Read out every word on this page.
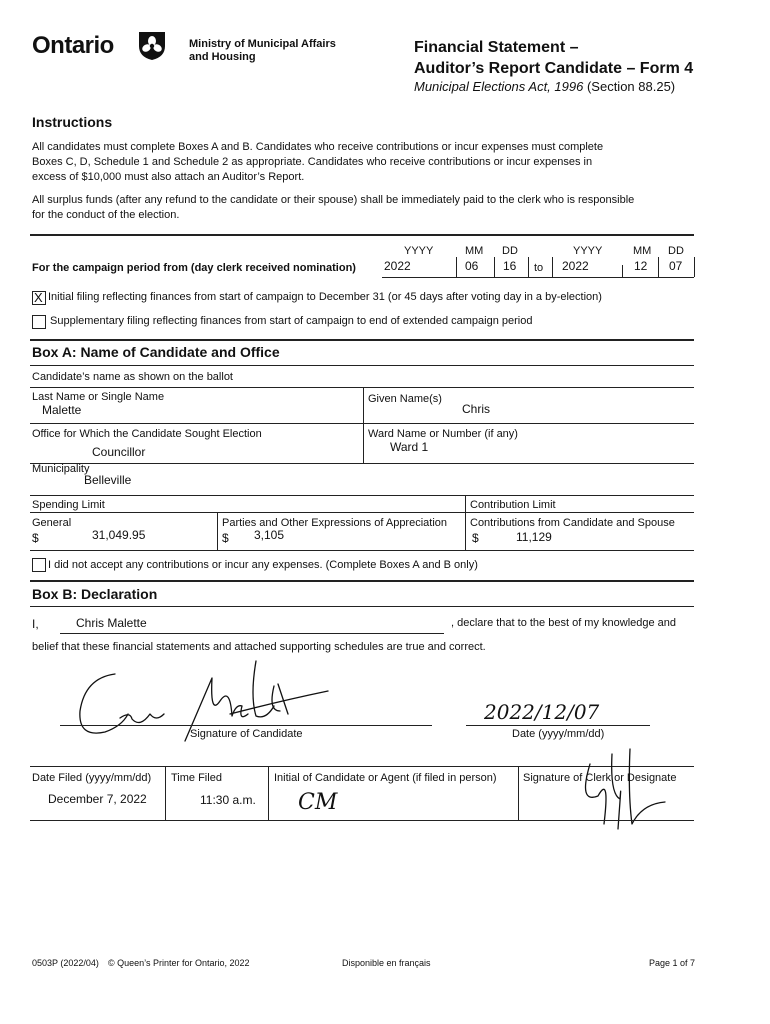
Ontario	Ministry of Municipal Affairs
and Housing
Financial Statement –
Auditor’s Report Candidate – Form 4
Municipal Elections Act, 1996 (Section 88.25)
Instructions
All candidates must complete Boxes A and B. Candidates who receive contributions or incur expenses must complete
Boxes C, D, Schedule 1 and Schedule 2 as appropriate. Candidates who receive contributions or incur expenses in
excess of $10,000 must also attach an Auditor’s Report.
All surplus funds (after any refund to the candidate or their spouse) shall be immediately paid to the clerk who is responsible
for the conduct of the election.
YYYY	MM DD	YYYY	MM DD
For the campaign period from (day clerk received nomination) 2022	06 16 to 2022	12 07
X Initial filing reflecting finances from start of campaign to December 31 (or 45 days after voting day in a by-election)
Supplementary filing reflecting finances from start of campaign to end of extended campaign period
Box A: Name of Candidate and Office
Candidate’s name as shown on the ballot
Last Name or Single Name
Malette
Given Name(s)
Chris
Office for Which the Candidate Sought Election
Councillor
Ward Name or Number (if any)
Ward 1
Municipality
Belleville
Spending Limit	Contribution Limit
General
$	31,049.95
Parties and Other Expressions of Appreciation
$ 3,105
Contributions from Candidate and Spouse
$	11,129
I did not accept any contributions or incur any expenses. (Complete Boxes A and B only)
Box B: Declaration
I,	Chris Malette	, declare that to the best of my knowledge and
belief that these financial statements and attached supporting schedules are true and correct.
Signature of Candidate
2022/12/07
Date (yyyy/mm/dd)
Date Filed (yyyy/mm/dd)
December 7, 2022
Time Filed
11:30 a.m.
Initial of Candidate or Agent (if filed in person)
CM
Signature of Clerk or Designate
0503P (2022/04) © Queen’s Printer for Ontario, 2022	Disponible en français	Page 1 of 7
